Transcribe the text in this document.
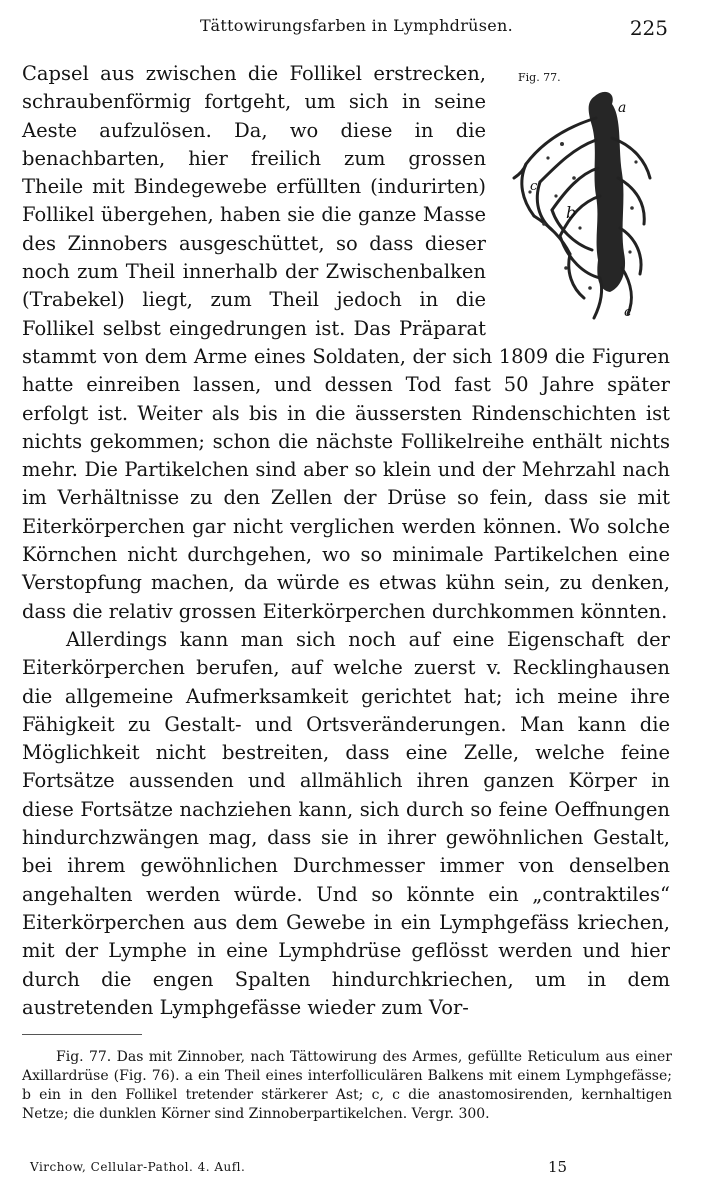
Tättowirungsfarben in Lymphdrüsen.	225
Fig. 77.
a
b
c
c

Capsel aus zwischen die Follikel erstrecken, schraubenförmig fortgeht, um sich in seine Aeste aufzulösen. Da, wo diese in die benachbarten, hier freilich zum grossen Theile mit Bindegewebe erfüllten (indurirten) Follikel übergehen, haben sie die ganze Masse des Zinnobers ausgeschüttet, so dass dieser noch zum Theil innerhalb der Zwischenbalken (Trabekel) liegt, zum Theil jedoch in die Follikel selbst eingedrungen ist. Das Präparat stammt von dem Arme eines Soldaten, der sich 1809 die Figuren hatte einreiben lassen, und dessen Tod fast 50 Jahre später erfolgt ist. Weiter als bis in die äussersten Rindenschichten ist nichts gekommen; schon die nächste Follikelreihe enthält nichts mehr. Die Partikelchen sind aber so klein und der Mehrzahl nach im Verhältnisse zu den Zellen der Drüse so fein, dass sie mit Eiterkörperchen gar nicht verglichen werden können. Wo solche Körnchen nicht durchgehen, wo so minimale Partikelchen eine Verstopfung machen, da würde es etwas kühn sein, zu denken, dass die relativ grossen Eiterkörperchen durchkommen könnten.

Allerdings kann man sich noch auf eine Eigenschaft der Eiterkörperchen berufen, auf welche zuerst v. Recklinghausen die allgemeine Aufmerksamkeit gerichtet hat; ich meine ihre Fähigkeit zu Gestalt- und Ortsveränderungen. Man kann die Möglichkeit nicht bestreiten, dass eine Zelle, welche feine Fortsätze aussenden und allmählich ihren ganzen Körper in diese Fortsätze nachziehen kann, sich durch so feine Oeffnungen hindurchzwängen mag, dass sie in ihrer gewöhnlichen Gestalt, bei ihrem gewöhnlichen Durchmesser immer von denselben angehalten werden würde. Und so könnte ein „contraktiles“ Eiterkörperchen aus dem Gewebe in ein Lymphgefäss kriechen, mit der Lymphe in eine Lymphdrüse geflösst werden und hier durch die engen Spalten hindurchkriechen, um in dem austretenden Lymphgefässe wieder zum Vor-

Fig. 77. Das mit Zinnober, nach Tättowirung des Armes, gefüllte Reticulum aus einer Axillardrüse (Fig. 76). a ein Theil eines interfolliculären Balkens mit einem Lymphgefässe; b ein in den Follikel tretender stärkerer Ast; c, c die anastomosirenden, kernhaltigen Netze; die dunklen Körner sind Zinnoberpartikelchen. Vergr. 300.

Virchow, Cellular-Pathol. 4. Aufl.	15
